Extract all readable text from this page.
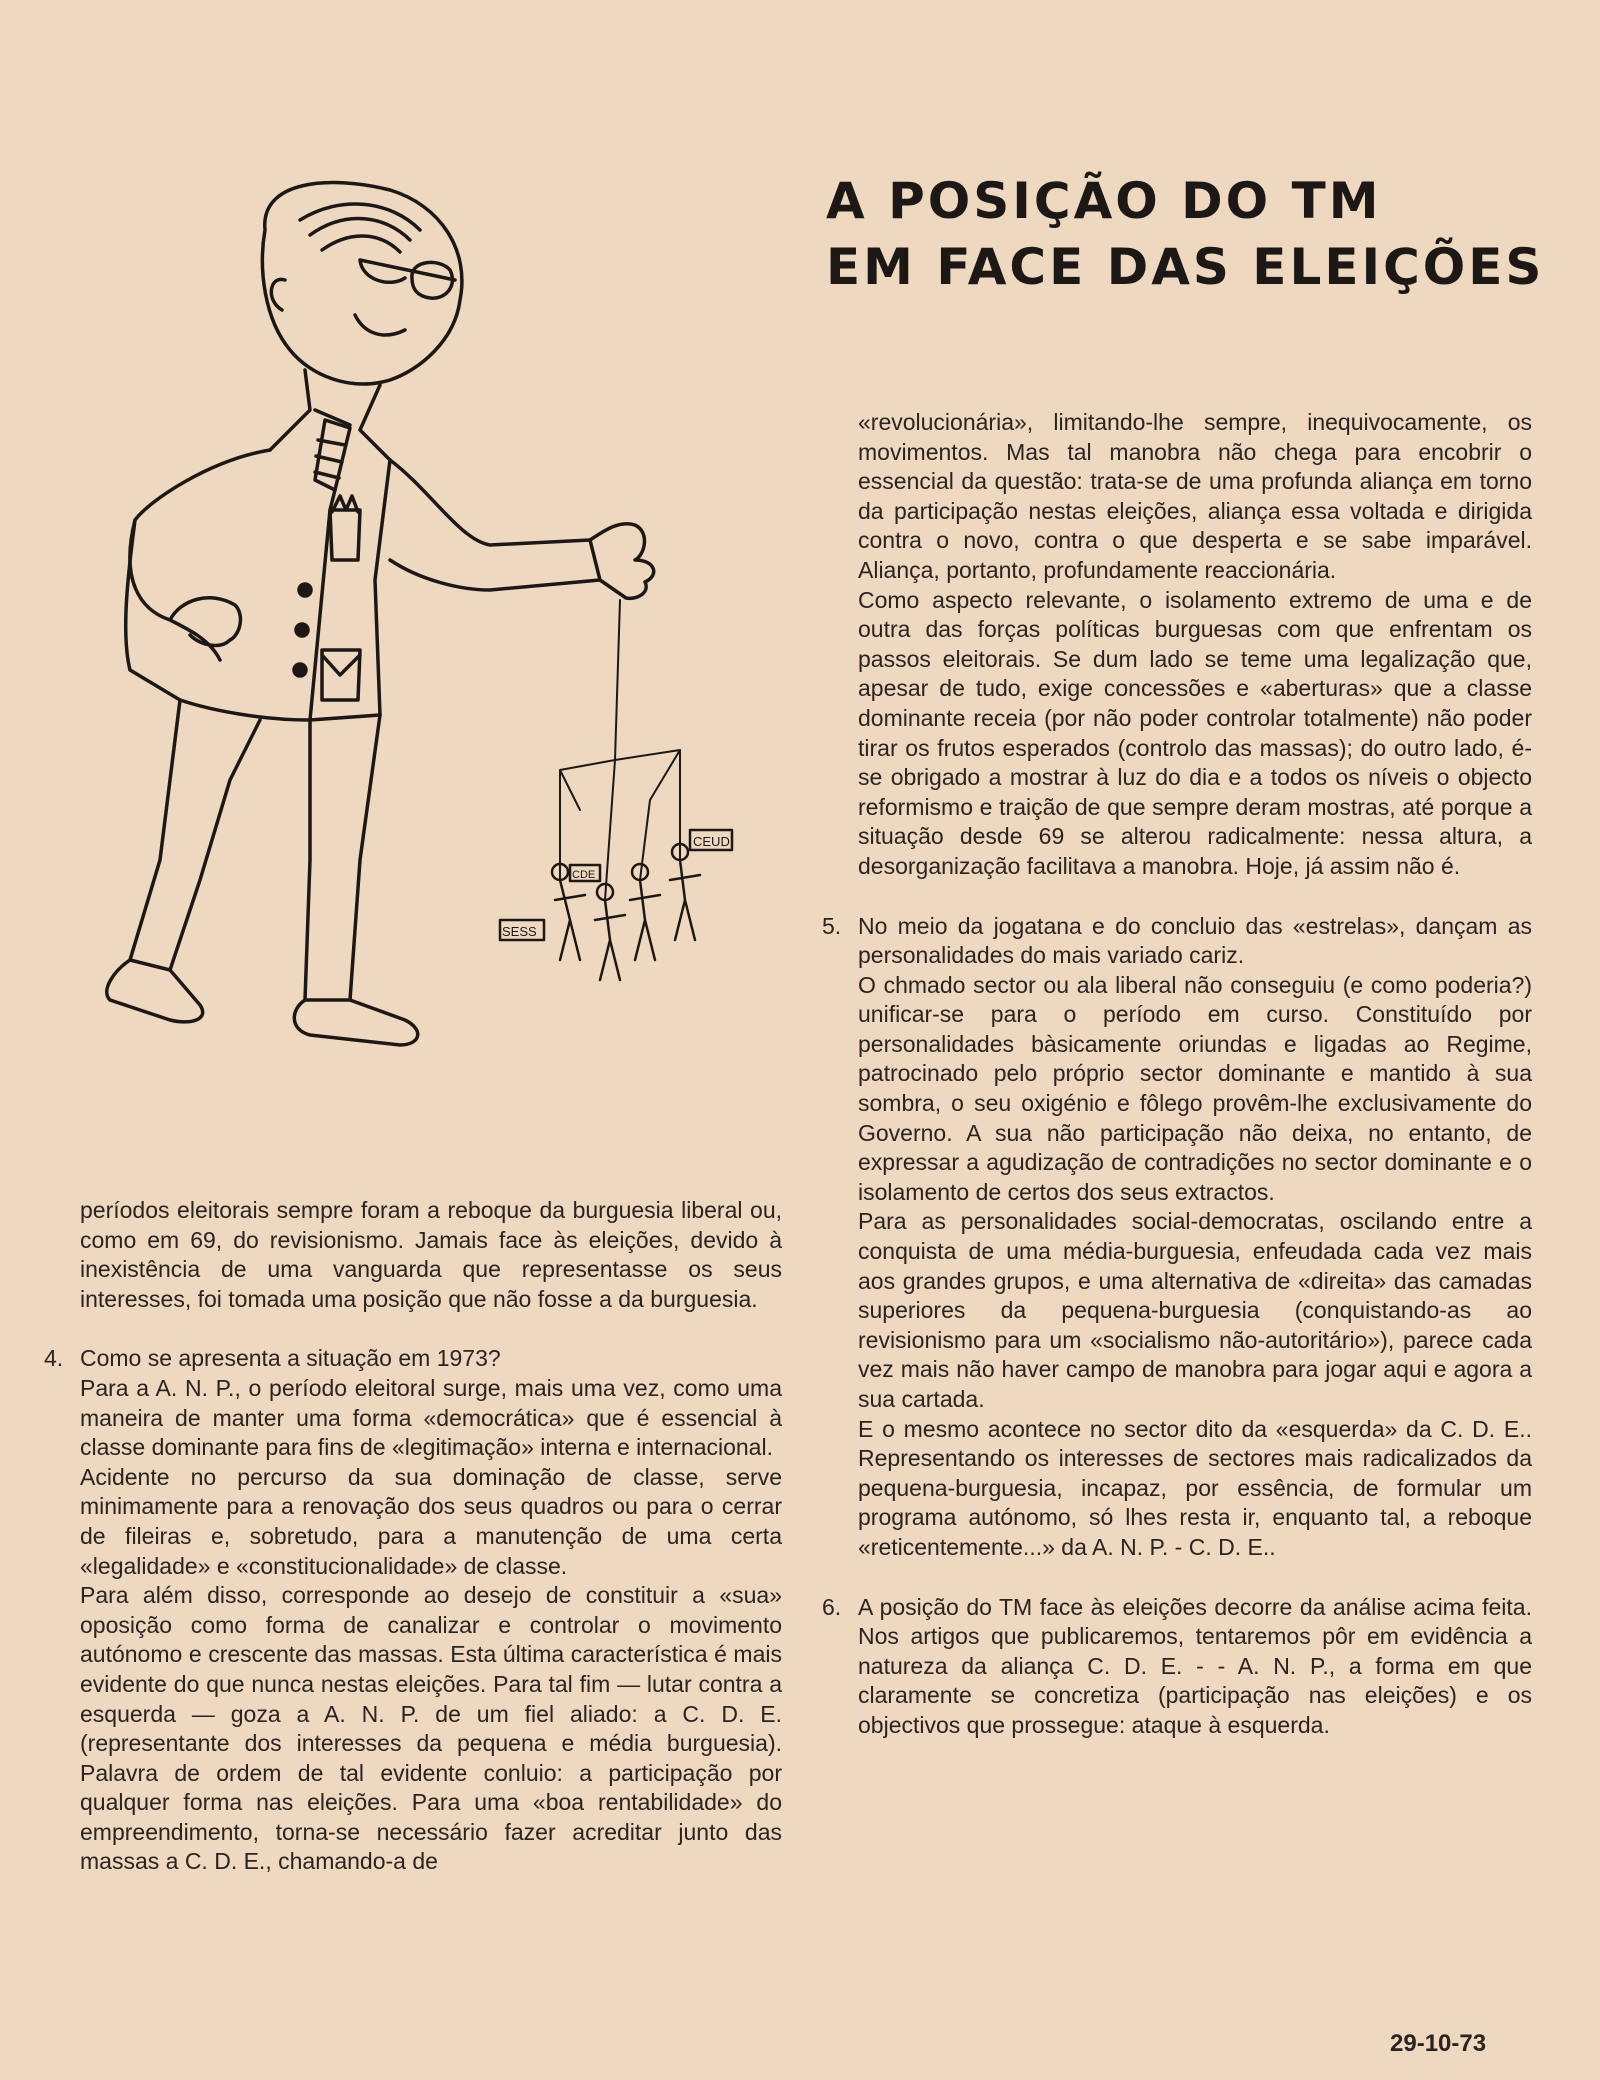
A POSIÇÃO DO TM
EM FACE DAS ELEIÇÕES
SESS
CDE
CEUD

períodos eleitorais sempre foram a reboque da burguesia liberal ou, como em 69, do revisionismo. Jamais face às eleições, devido à inexistência de uma vanguarda que representasse os seus interesses, foi tomada uma posição que não fosse a da burguesia.

4. Como se apresenta a situação em 1973?

Para a A. N. P., o período eleitoral surge, mais uma vez, como uma maneira de manter uma forma «democrática» que é essencial à classe dominante para fins de «legitimação» interna e internacional.

Acidente no percurso da sua dominação de classe, serve minimamente para a renovação dos seus quadros ou para o cerrar de fileiras e, sobretudo, para a manutenção de uma certa «legalidade» e «constitucionalidade» de classe.

Para além disso, corresponde ao desejo de constituir a «sua» oposição como forma de canalizar e controlar o movimento autónomo e crescente das massas. Esta última característica é mais evidente do que nunca nestas eleições. Para tal fim — lutar contra a esquerda — goza a A. N. P. de um fiel aliado: a C. D. E. (representante dos interesses da pequena e média burguesia). Palavra de ordem de tal evidente conluio: a participação por qualquer forma nas eleições. Para uma «boa rentabilidade» do empreendimento, torna-se necessário fazer acreditar junto das massas a C. D. E., chamando-a de

«revolucionária», limitando-lhe sempre, inequivocamente, os movimentos. Mas tal manobra não chega para encobrir o essencial da questão: trata-se de uma profunda aliança em torno da participação nestas eleições, aliança essa voltada e dirigida contra o novo, contra o que desperta e se sabe imparável. Aliança, portanto, profundamente reaccionária.

Como aspecto relevante, o isolamento extremo de uma e de outra das forças políticas burguesas com que enfrentam os passos eleitorais. Se dum lado se teme uma legalização que, apesar de tudo, exige concessões e «aberturas» que a classe dominante receia (por não poder controlar totalmente) não poder tirar os frutos esperados (controlo das massas); do outro lado, é-se obrigado a mostrar à luz do dia e a todos os níveis o objecto reformismo e traição de que sempre deram mostras, até porque a situação desde 69 se alterou radicalmente: nessa altura, a desorganização facilitava a manobra. Hoje, já assim não é.

5. No meio da jogatana e do concluio das «estrelas», dançam as personalidades do mais variado cariz.

O chmado sector ou ala liberal não conseguiu (e como poderia?) unificar-se para o período em curso. Constituído por personalidades bàsicamente oriundas e ligadas ao Regime, patrocinado pelo próprio sector dominante e mantido à sua sombra, o seu oxigénio e fôlego provêm-lhe exclusivamente do Governo. A sua não participação não deixa, no entanto, de expressar a agudização de contradições no sector dominante e o isolamento de certos dos seus extractos.

Para as personalidades social-democratas, oscilando entre a conquista de uma média-burguesia, enfeudada cada vez mais aos grandes grupos, e uma alternativa de «direita» das camadas superiores da pequena-burguesia (conquistando-as ao revisionismo para um «socialismo não-autoritário»), parece cada vez mais não haver campo de manobra para jogar aqui e agora a sua cartada.

E o mesmo acontece no sector dito da «esquerda» da C. D. E.. Representando os interesses de sectores mais radicalizados da pequena-burguesia, incapaz, por essência, de formular um programa autónomo, só lhes resta ir, enquanto tal, a reboque «reticentemente...» da A. N. P. - C. D. E..

6. A posição do TM face às eleições decorre da análise acima feita. Nos artigos que publicaremos, tentaremos pôr em evidência a natureza da aliança C. D. E. - - A. N. P., a forma em que claramente se concretiza (participação nas eleições) e os objectivos que prossegue: ataque à esquerda.

29-10-73
